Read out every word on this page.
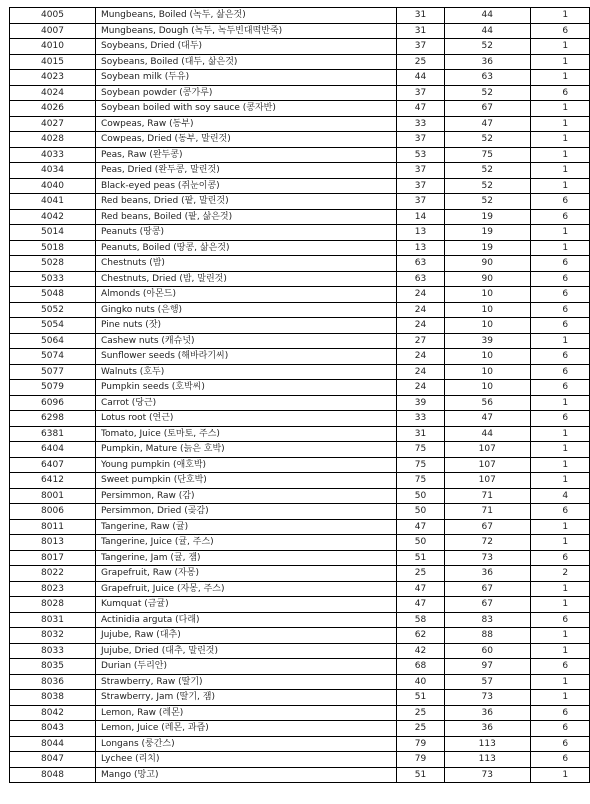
4005	Mungbeans, Boiled (녹두, 삶은것)	31	44	1
4007	Mungbeans, Dough (녹두, 녹두빈대떡반죽)	31	44	6
4010	Soybeans, Dried (대두)	37	52	1
4015	Soybeans, Boiled (대두, 삶은것)	25	36	1
4023	Soybean milk (두유)	44	63	1
4024	Soybean powder (콩가루)	37	52	6
4026	Soybean boiled with soy sauce (콩자반)	47	67	1
4027	Cowpeas, Raw (동부)	33	47	1
4028	Cowpeas, Dried (동부, 말린것)	37	52	1
4033	Peas, Raw (완두콩)	53	75	1
4034	Peas, Dried (완두콩, 말린것)	37	52	1
4040	Black-eyed peas (쥐눈이콩)	37	52	1
4041	Red beans, Dried (팥, 말린것)	37	52	6
4042	Red beans, Boiled (팥, 삶은것)	14	19	6
5014	Peanuts (땅콩)	13	19	1
5018	Peanuts, Boiled (땅콩, 삶은것)	13	19	1
5028	Chestnuts (밤)	63	90	6
5033	Chestnuts, Dried (밤, 말린것)	63	90	6
5048	Almonds (아몬드)	24	10	6
5052	Gingko nuts (은행)	24	10	6
5054	Pine nuts (잣)	24	10	6
5064	Cashew nuts (캐슈넛)	27	39	1
5074	Sunflower seeds (해바라기씨)	24	10	6
5077	Walnuts (호두)	24	10	6
5079	Pumpkin seeds (호박씨)	24	10	6
6096	Carrot (당근)	39	56	1
6298	Lotus root (연근)	33	47	6
6381	Tomato, Juice (토마토, 주스)	31	44	1
6404	Pumpkin, Mature (늙은 호박)	75	107	1
6407	Young pumpkin (애호박)	75	107	1
6412	Sweet pumpkin (단호박)	75	107	1
8001	Persimmon, Raw (감)	50	71	4
8006	Persimmon, Dried (곶감)	50	71	6
8011	Tangerine, Raw (귤)	47	67	1
8013	Tangerine, Juice (귤, 주스)	50	72	1
8017	Tangerine, Jam (귤, 잼)	51	73	6
8022	Grapefruit, Raw (자몽)	25	36	2
8023	Grapefruit, Juice (자몽, 주스)	47	67	1
8028	Kumquat (금귤)	47	67	1
8031	Actinidia arguta (다래)	58	83	6
8032	Jujube, Raw (대추)	62	88	1
8033	Jujube, Dried (대추, 말린것)	42	60	1
8035	Durian (두리안)	68	97	6
8036	Strawberry, Raw (딸기)	40	57	1
8038	Strawberry, Jam (딸기, 잼)	51	73	1
8042	Lemon, Raw (레몬)	25	36	6
8043	Lemon, Juice (레몬, 과즙)	25	36	6
8044	Longans (룽간스)	79	113	6
8047	Lychee (리치)	79	113	6
8048	Mango (망고)	51	73	1
